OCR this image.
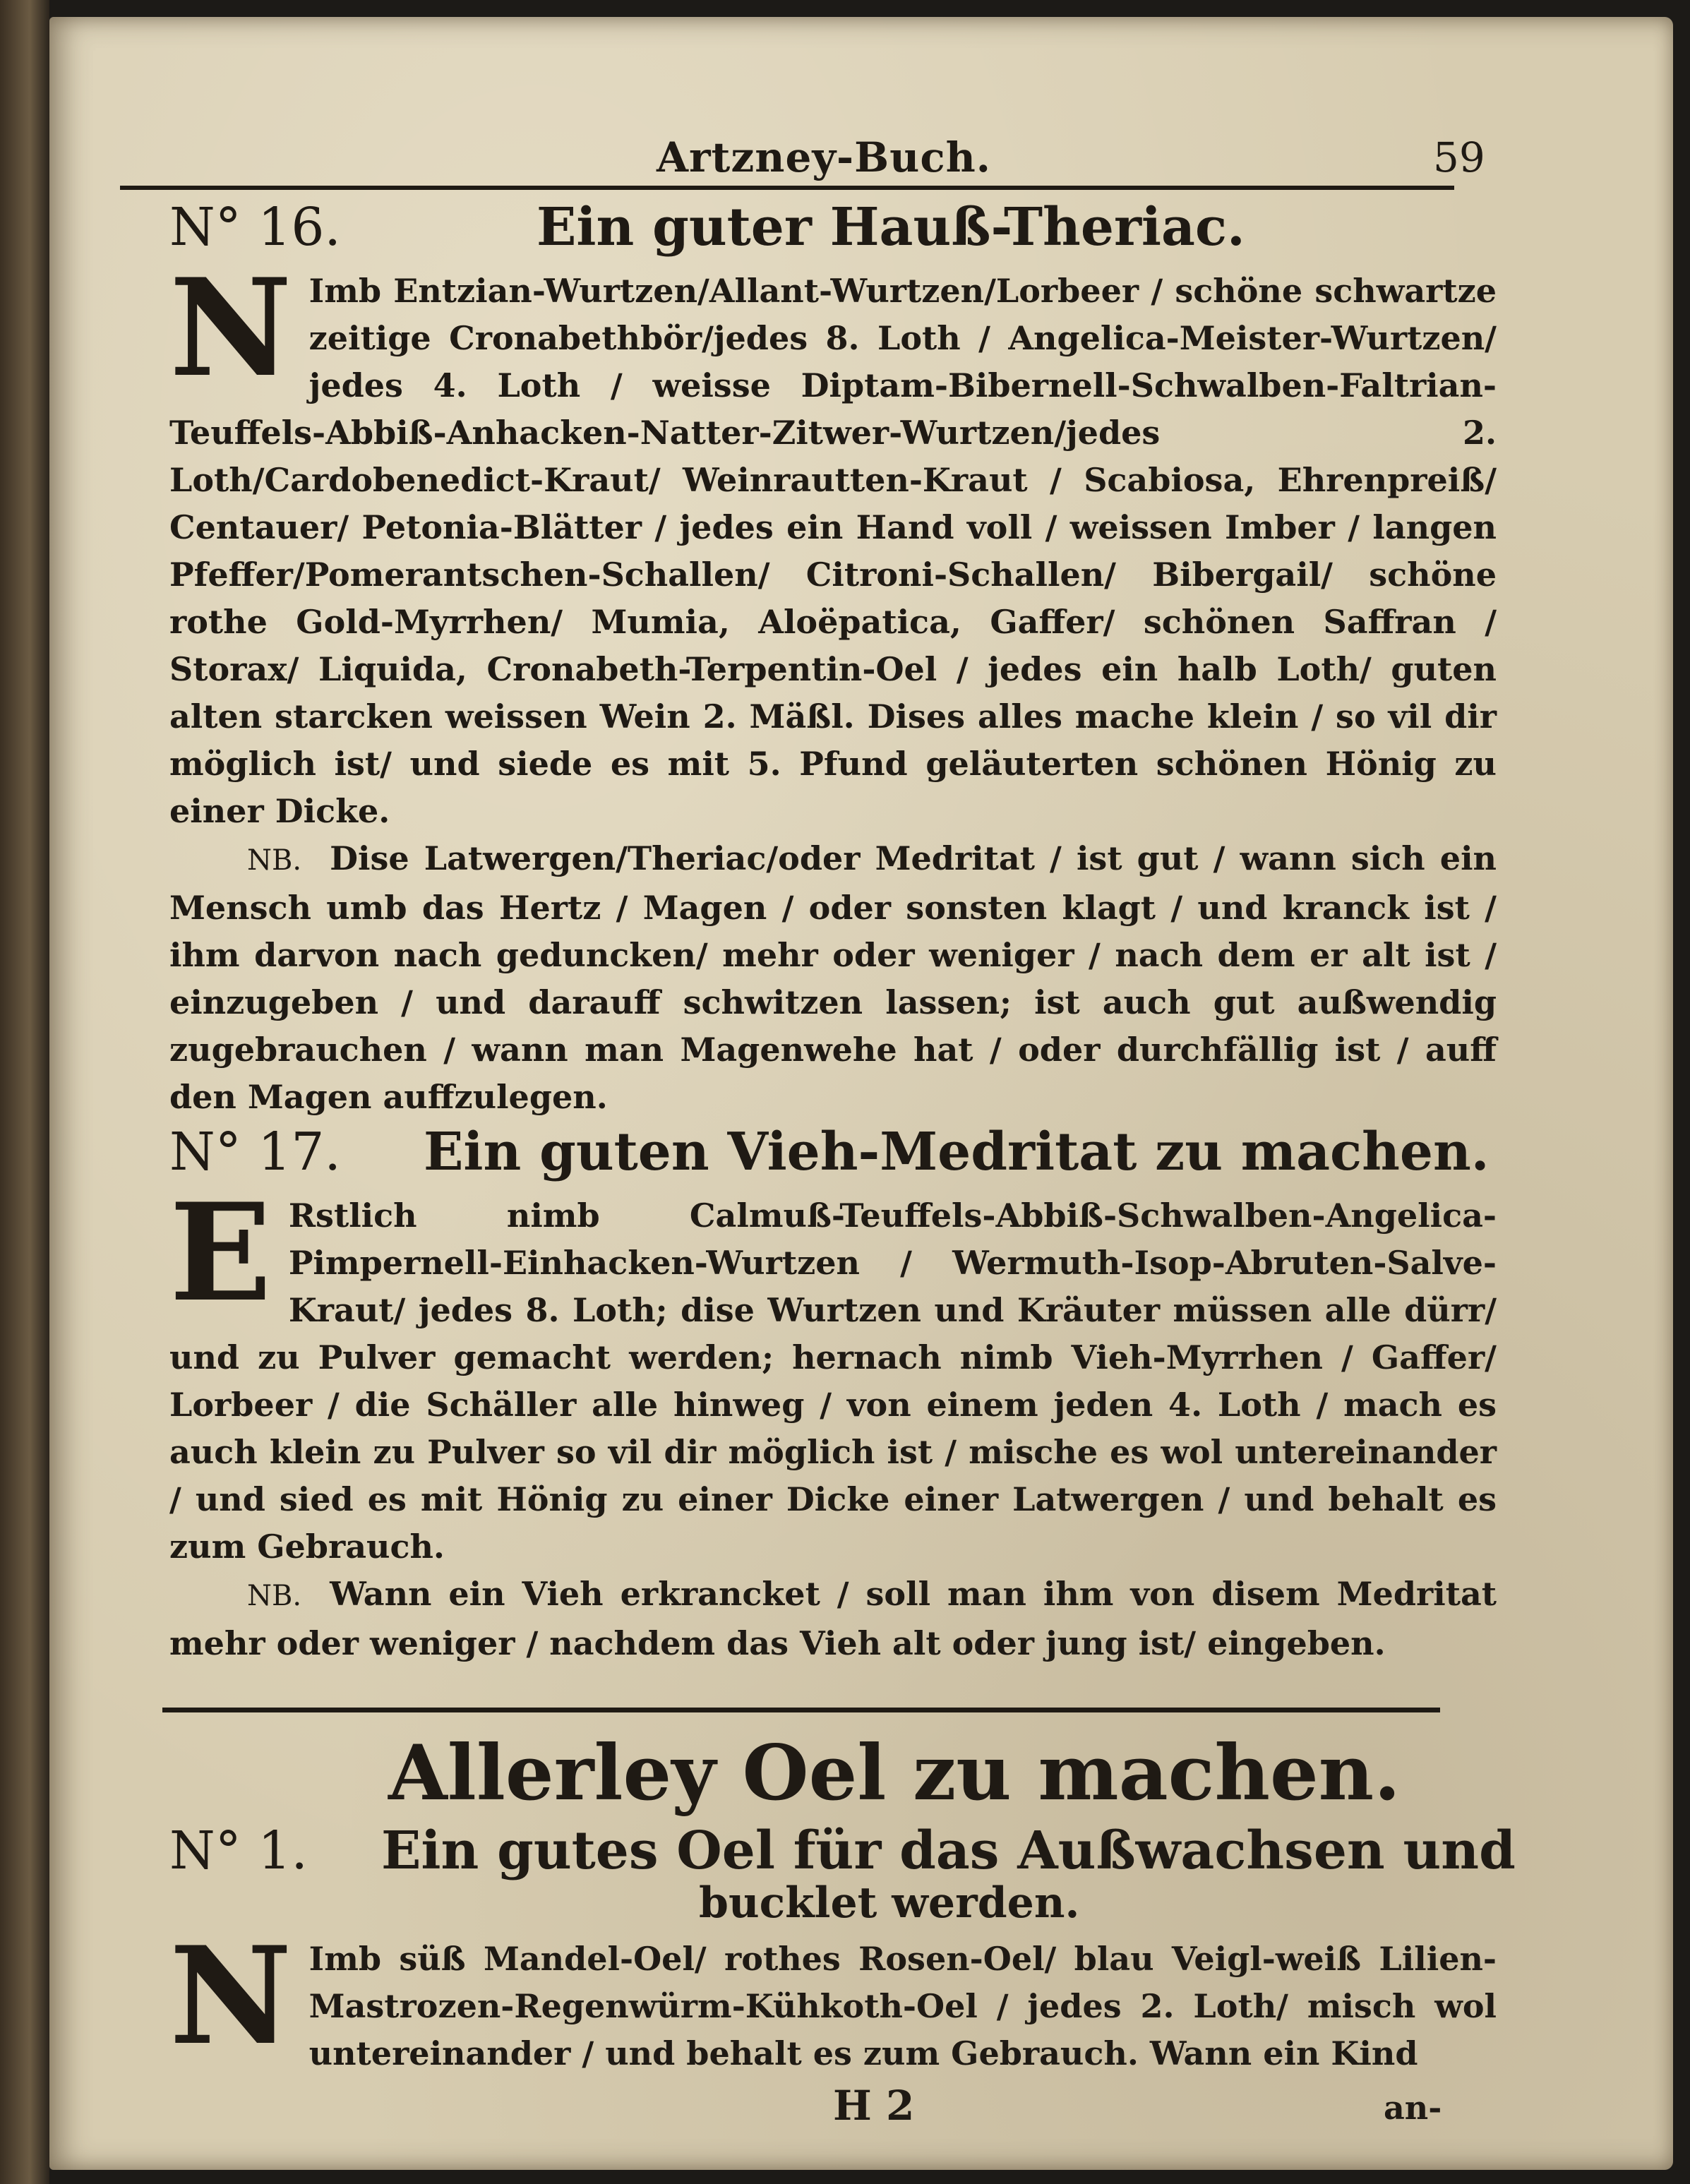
Artzney-Buch.	59
N° 16.	Ein guter Hauß-Theriac.
N Imb Entzian-Wurtzen/Allant-Wurtzen/Lorbeer / schöne schwartze zeitige Cronabethbör/jedes 8. Loth / Angelica-Meister-Wurtzen/ jedes 4. Loth / weisse Diptam-Bibernell-Schwalben-Faltrian-Teuffels-Abbiß-Anhacken-Natter-Zitwer-Wurtzen/jedes 2. Loth/Cardobenedict-Kraut/ Weinrautten-Kraut / Scabiosa, Ehrenpreiß/ Centauer/ Petonia-Blätter / jedes ein Hand voll / weissen Imber / langen Pfeffer/Pomerantschen-Schallen/ Citroni-Schallen/ Bibergail/ schöne rothe Gold-Myrrhen/ Mumia, Aloëpatica, Gaffer/ schönen Saffran / Storax/ Liquida, Cronabeth-Terpentin-Oel / jedes ein halb Loth/ guten alten starcken weissen Wein 2. Mäßl. Dises alles mache klein / so vil dir möglich ist/ und siede es mit 5. Pfund geläuterten schönen Hönig zu einer Dicke.
NB. Dise Latwergen/Theriac/oder Medritat / ist gut / wann sich ein Mensch umb das Hertz / Magen / oder sonsten klagt / und kranck ist / ihm darvon nach geduncken/ mehr oder weniger / nach dem er alt ist / einzugeben / und darauff schwitzen lassen; ist auch gut außwendig zugebrauchen / wann man Magenwehe hat / oder durchfällig ist / auff den Magen auffzulegen.
N° 17. Ein guten Vieh-Medritat zu machen.
E Rstlich nimb Calmuß-Teuffels-Abbiß-Schwalben-Angelica-Pimpernell-Einhacken-Wurtzen / Wermuth-Isop-Abruten-Salve-Kraut/ jedes 8. Loth; dise Wurtzen und Kräuter müssen alle dürr/ und zu Pulver gemacht werden; hernach nimb Vieh-Myrrhen / Gaffer/ Lorbeer / die Schäller alle hinweg / von einem jeden 4. Loth / mach es auch klein zu Pulver so vil dir möglich ist / mische es wol untereinander / und sied es mit Hönig zu einer Dicke einer Latwergen / und behalt es zum Gebrauch.
NB. Wann ein Vieh erkrancket / soll man ihm von disem Medritat mehr oder weniger / nachdem das Vieh alt oder jung ist/ eingeben.
Allerley Oel zu machen.
N° 1. Ein gutes Oel für das Außwachsen und
bucklet werden.
N Imb süß Mandel-Oel/ rothes Rosen-Oel/ blau Veigl-weiß Lilien-Mastrozen-Regenwürm-Kühkoth-Oel / jedes 2. Loth/ misch wol untereinander / und behalt es zum Gebrauch. Wann ein Kind
H 2	an-
